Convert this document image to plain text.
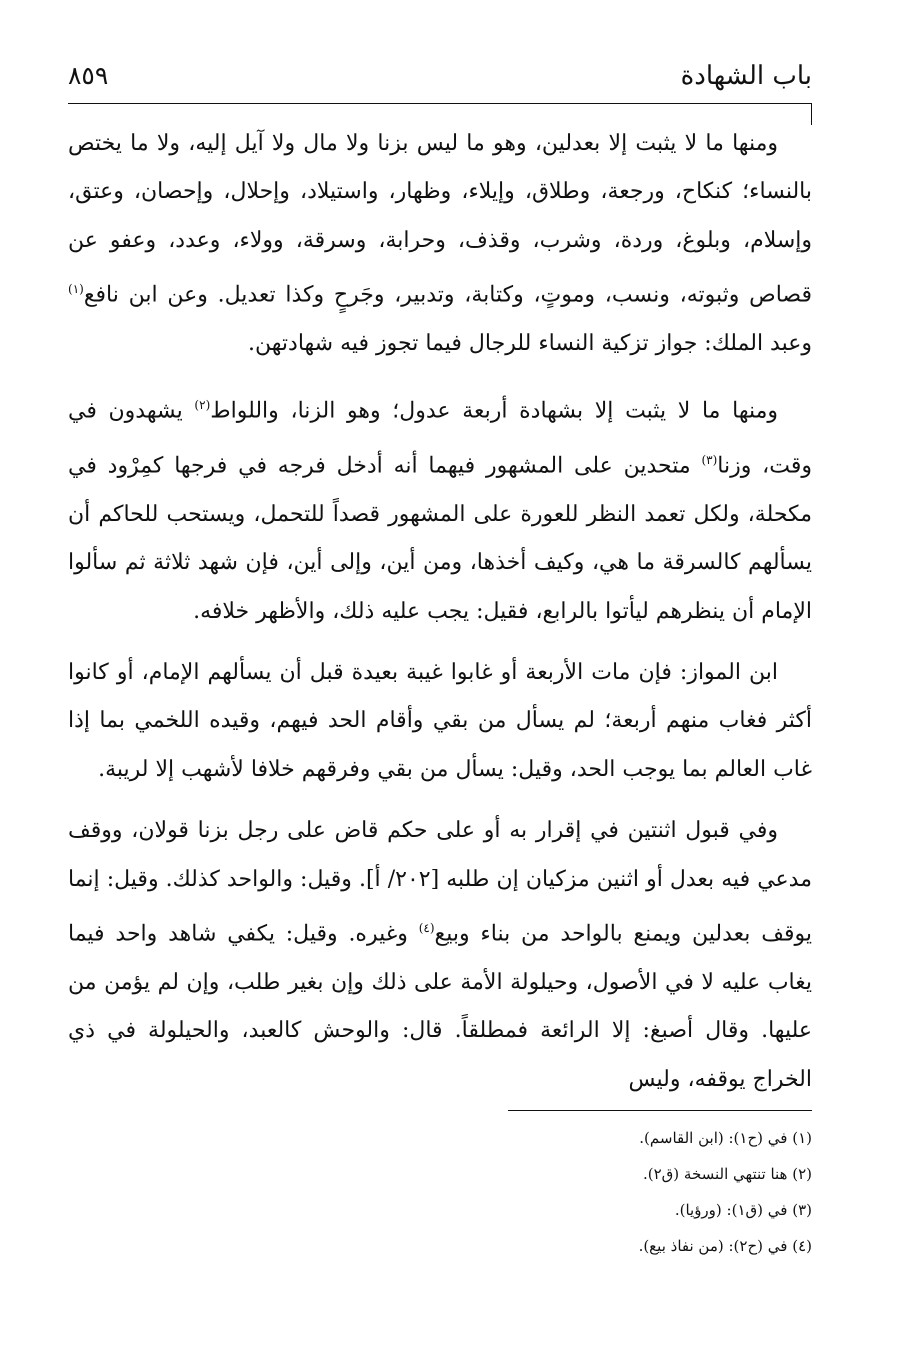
باب الشهادة
٨٥٩

ومنها ما لا يثبت إلا بعدلين، وهو ما ليس بزنا ولا مال ولا آيل إليه، ولا ما يختص بالنساء؛ كنكاح، ورجعة، وطلاق، وإيلاء، وظهار، واستيلاد، وإحلال، وإحصان، وعتق، وإسلام، وبلوغ، وردة، وشرب، وقذف، وحرابة، وسرقة، وولاء، وعدد، وعفو عن قصاص وثبوته، ونسب، وموتٍ، وكتابة، وتدبير، وجَرحٍ وكذا تعديل. وعن ابن نافع$^{(١)}$ وعبد الملك: جواز تزكية النساء للرجال فيما تجوز فيه شهادتهن.

ومنها ما لا يثبت إلا بشهادة أربعة عدول؛ وهو الزنا، واللواط$^{(٢)}$ يشهدون في وقت، وزنا$^{(٣)}$ متحدين على المشهور فيهما أنه أدخل فرجه في فرجها كمِرْود في مكحلة، ولكل تعمد النظر للعورة على المشهور قصداً للتحمل، ويستحب للحاكم أن يسألهم كالسرقة ما هي، وكيف أخذها، ومن أين، وإلى أين، فإن شهد ثلاثة ثم سألوا الإمام أن ينظرهم ليأتوا بالرابع، فقيل: يجب عليه ذلك، والأظهر خلافه.

ابن المواز: فإن مات الأربعة أو غابوا غيبة بعيدة قبل أن يسألهم الإمام، أو كانوا أكثر فغاب منهم أربعة؛ لم يسأل من بقي وأقام الحد فيهم، وقيده اللخمي بما إذا غاب العالم بما يوجب الحد، وقيل: يسأل من بقي وفرقهم خلافا لأشهب إلا لريبة.

وفي قبول اثنتين في إقرار به أو على حكم قاض على رجل بزنا قولان، ووقف مدعي فيه بعدل أو اثنين مزكيان إن طلبه [٢٠٢/ أ]. وقيل: والواحد كذلك. وقيل: إنما يوقف بعدلين ويمنع بالواحد من بناء وبيع$^{(٤)}$ وغيره. وقيل: يكفي شاهد واحد فيما يغاب عليه لا في الأصول، وحيلولة الأمة على ذلك وإن بغير طلب، وإن لم يؤمن من عليها. وقال أصبغ: إلا الرائعة فمطلقاً. قال: والوحش كالعبد، والحيلولة في ذي الخراج يوقفه، وليس

(١) في (ح١): (ابن القاسم).

(٢) هنا تنتهي النسخة (ق٢).

(٣) في (ق١): (ورؤيا).

(٤) في (ح٢): (من نفاذ بيع).
